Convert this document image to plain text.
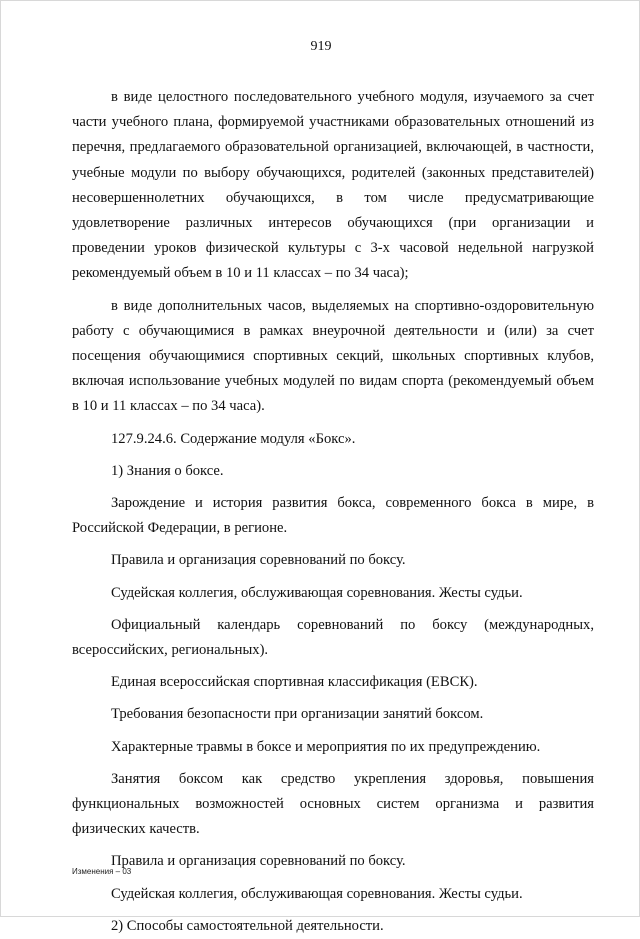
919

в виде целостного последовательного учебного модуля, изучаемого за счет части учебного плана, формируемой участниками образовательных отношений из перечня, предлагаемого образовательной организацией, включающей, в частности, учебные модули по выбору обучающихся, родителей (законных представителей) несовершеннолетних обучающихся, в том числе предусматривающие удовлетворение различных интересов обучающихся (при организации и проведении уроков физической культуры с 3-х часовой недельной нагрузкой рекомендуемый объем в 10 и 11 классах – по 34 часа);

в виде дополнительных часов, выделяемых на спортивно-оздоровительную работу с обучающимися в рамках внеурочной деятельности и (или) за счет посещения обучающимися спортивных секций, школьных спортивных клубов, включая использование учебных модулей по видам спорта (рекомендуемый объем в 10 и 11 классах – по 34 часа).

127.9.24.6. Содержание модуля «Бокс».

1) Знания о боксе.

Зарождение и история развития бокса, современного бокса в мире, в Российской Федерации, в регионе.

Правила и организация соревнований по боксу.

Судейская коллегия, обслуживающая соревнования. Жесты судьи.

Официальный календарь соревнований по боксу (международных, всероссийских, региональных).

Единая всероссийская спортивная классификация (ЕВСК).

Требования безопасности при организации занятий боксом.

Характерные травмы в боксе и мероприятия по их предупреждению.

Занятия боксом как средство укрепления здоровья, повышения функциональных возможностей основных систем организма и развития физических качеств.

Правила и организация соревнований по боксу.

Судейская коллегия, обслуживающая соревнования. Жесты судьи.

2) Способы самостоятельной деятельности.

Изменения – 03
